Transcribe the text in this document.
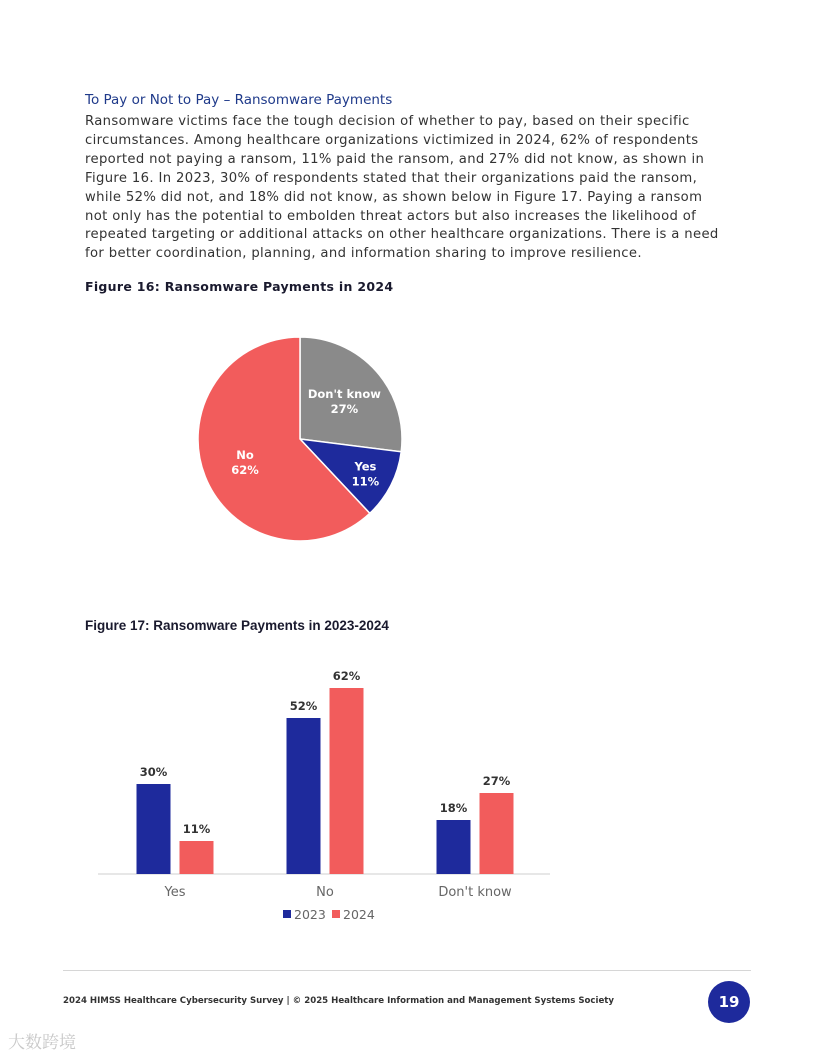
To Pay or Not to Pay – Ransomware Payments

Ransomware victims face the tough decision of whether to pay, based on their specific circumstances. Among healthcare organizations victimized in 2024, 62% of respondents reported not paying a ransom, 11% paid the ransom, and 27% did not know, as shown in Figure 16. In 2023, 30% of respondents stated that their organizations paid the ransom, while 52% did not, and 18% did not know, as shown below in Figure 17. Paying a ransom not only has the potential to embolden threat actors but also increases the likelihood of repeated targeting or additional attacks on other healthcare organizations. There is a need for better coordination, planning, and information sharing to improve resilience.

Figure 16: Ransomware Payments in 2024
Don't know
27%
Yes
11%
No
62%
Figure 17: Ransomware Payments in 2023-2024
30%
11%
Yes
52%
62%
No
18%
27%
Don't know
2023 2024
2024 HIMSS Healthcare Cybersecurity Survey | © 2025 Healthcare Information and Management Systems Society	19
大数跨境
